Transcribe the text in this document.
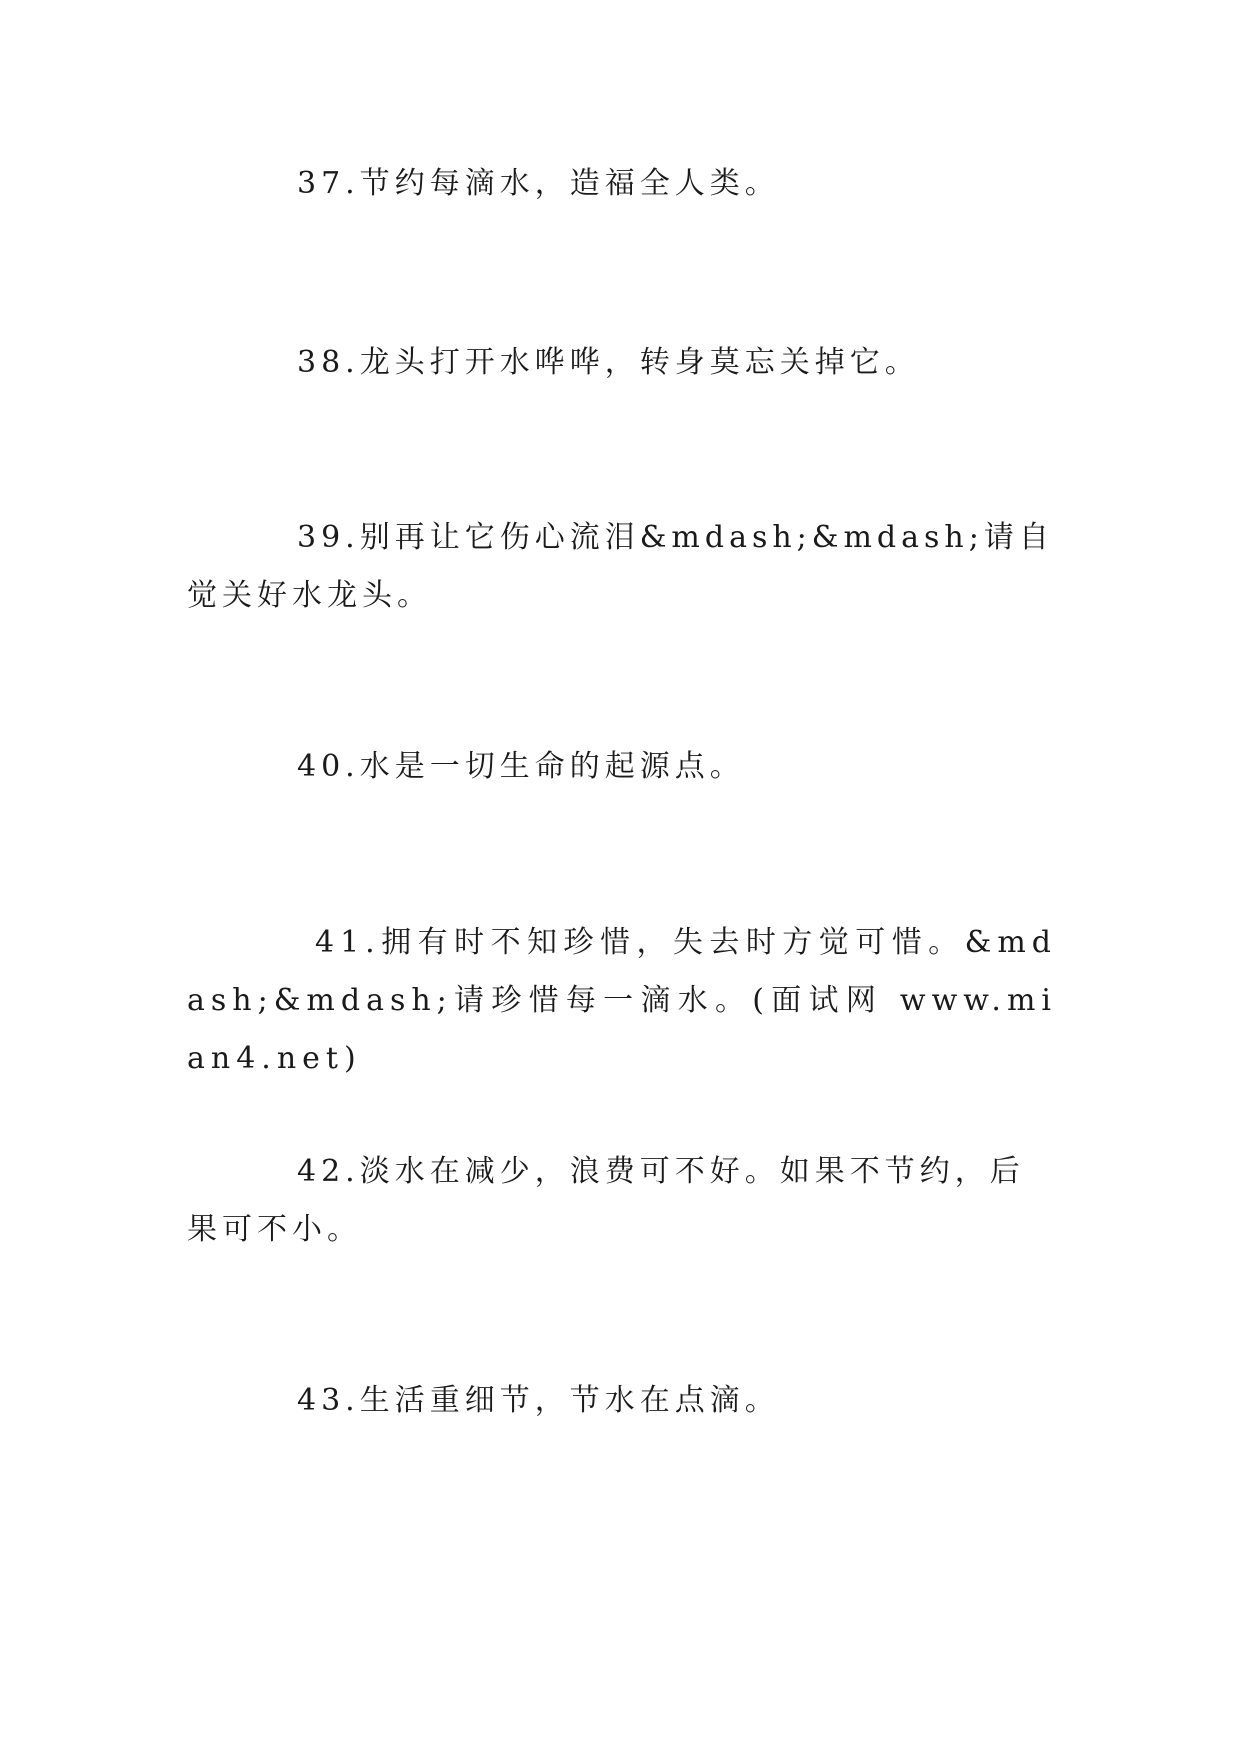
37.节约每滴水，造福全人类。

38.龙头打开水哗哗，转身莫忘关掉它。

39.别再让它伤心流泪&mdash;&mdash;请自觉关好水龙头。

40.水是一切生命的起源点。

41.拥有时不知珍惜，失去时方觉可惜。&mdash;&mdash;请珍惜每一滴水。(面试网 www.mian4.net)

42.淡水在减少，浪费可不好。如果不节约，后果可不小。

43.生活重细节，节水在点滴。
